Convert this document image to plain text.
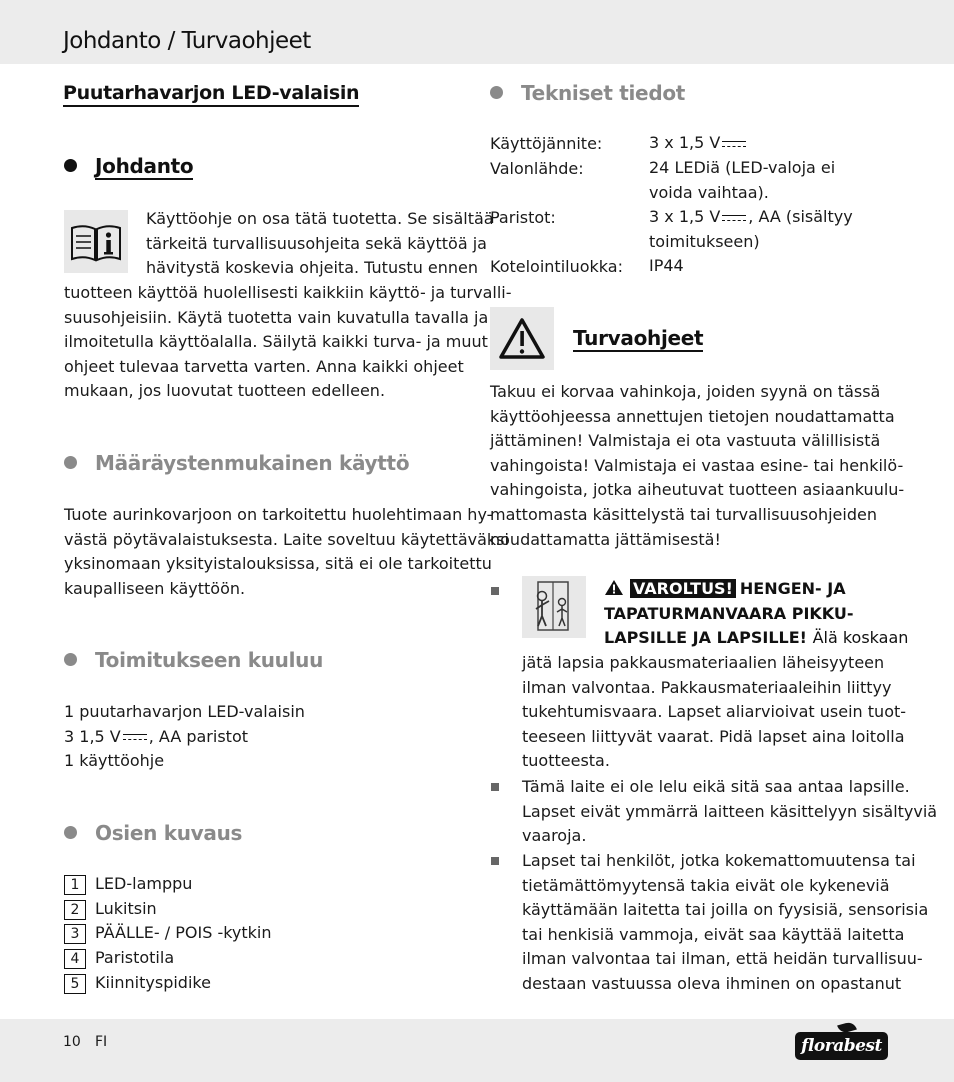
Johdanto / Turvaohjeet
Puutarhavarjon LED-valaisin
Johdanto
Käyttöohje on osa tätä tuotetta. Se sisältää
tärkeitä turvallisuusohjeita sekä käyttöä ja
hävitystä koskevia ohjeita. Tutustu ennen
tuotteen käyttöä huolellisesti kaikkiin käyttö- ja turvalli-
suusohjeisiin. Käytä tuotetta vain kuvatulla tavalla ja
ilmoitetulla käyttöalalla. Säilytä kaikki turva- ja muut
ohjeet tulevaa tarvetta varten. Anna kaikki ohjeet
mukaan, jos luovutat tuotteen edelleen.
Määräystenmukainen käyttö
Tuote aurinkovarjoon on tarkoitettu huolehtimaan hy-
västä pöytävalaistuksesta. Laite soveltuu käytettäväksi
yksinomaan yksityistalouksissa, sitä ei ole tarkoitettu
kaupalliseen käyttöön.
Toimitukseen kuuluu
1 puutarhavarjon LED-valaisin
3 1,5 V , AA paristot
1 käyttöohje
Osien kuvaus
1 LED-lamppu
2 Lukitsin
3 PÄÄLLE- / POIS -kytkin
4 Paristotila
5 Kiinnityspidike
Tekniset tiedot
Käyttöjännite:	3 x 1,5 V
Valonlähde:	24 LEDiä (LED-valoja ei
voida vaihtaa).
Paristot:	3 x 1,5 V , AA (sisältyy
toimitukseen)
Kotelointiluokka: IP44
Turvaohjeet
Takuu ei korvaa vahinkoja, joiden syynä on tässä
käyttöohjeessa annettujen tietojen noudattamatta
jättäminen! Valmistaja ei ota vastuuta välillisistä
vahingoista! Valmistaja ei vastaa esine- tai henkilö-
vahingoista, jotka aiheutuvat tuotteen asiaankuulu-
mattomasta käsittelystä tai turvallisuusohjeiden
noudattamatta jättämisestä!
VAROLTUS! HENGEN- JA
TAPATURMANVAARA PIKKU-
LAPSILLE JA LAPSILLE! Älä koskaan
jätä lapsia pakkausmateriaalien läheisyyteen
ilman valvontaa. Pakkausmateriaaleihin liittyy
tukehtumisvaara. Lapset aliarvioivat usein tuot-
teeseen liittyvät vaarat. Pidä lapset aina loitolla
tuotteesta.
Tämä laite ei ole lelu eikä sitä saa antaa lapsille.
Lapset eivät ymmärrä laitteen käsittelyyn sisältyviä
vaaroja.
Lapset tai henkilöt, jotka kokemattomuutensa tai
tietämättömyytensä takia eivät ole kykeneviä
käyttämään laitetta tai joilla on fyysisiä, sensorisia
tai henkisiä vammoja, eivät saa käyttää laitetta
ilman valvontaa tai ilman, että heidän turvallisuu-
destaan vastuussa oleva ihminen on opastanut
10 FI	florabest
